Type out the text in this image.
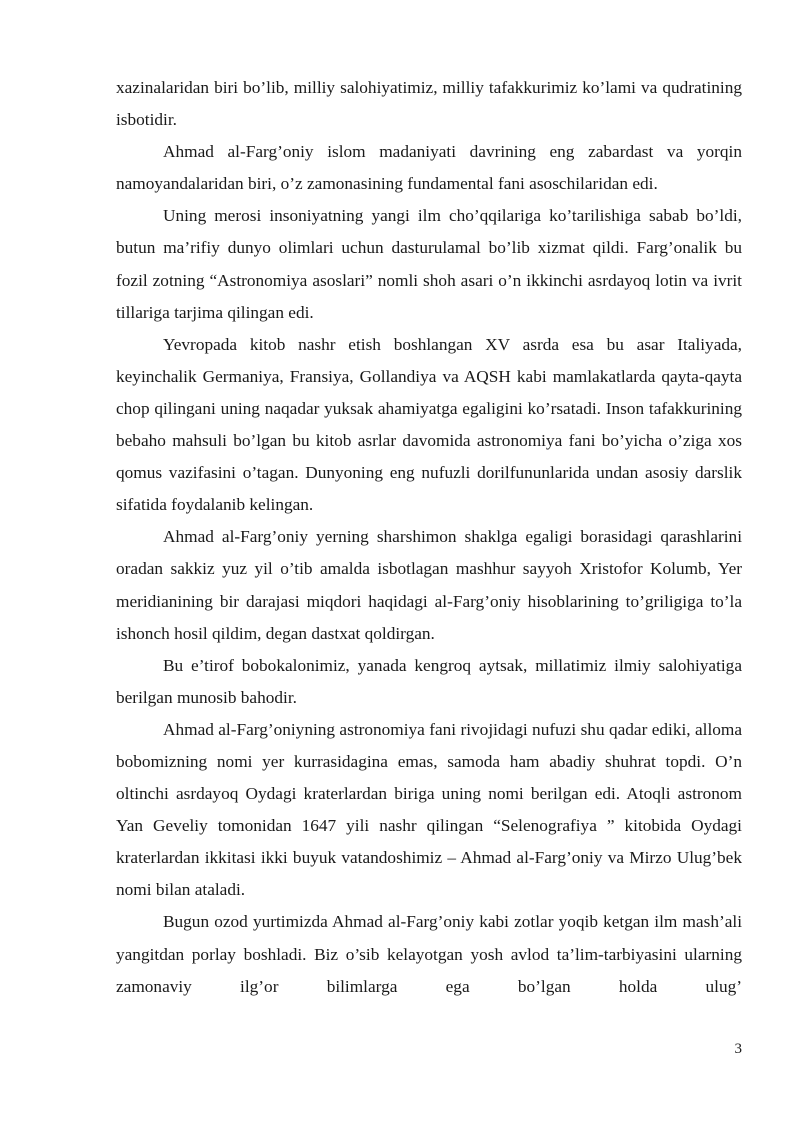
xazinalaridan biri bo’lib, milliy salohiyatimiz, milliy tafakkurimiz ko’lami va qudratining isbotidir.

Ahmad al-Farg’oniy islom madaniyati davrining eng zabardast va yorqin namoyandalaridan biri, o’z zamonasining fundamental fani asoschilaridan edi.

Uning merosi insoniyatning yangi ilm cho’qqilariga ko’tarilishiga sabab bo’ldi, butun ma’rifiy dunyo olimlari uchun dasturulamal bo’lib xizmat qildi. Farg’onalik bu fozil zotning “Astronomiya asoslari” nomli shoh asari o’n ikkinchi asrdayoq lotin va ivrit tillariga tarjima qilingan edi.

Yevropada kitob nashr etish boshlangan XV asrda esa bu asar Italiyada, keyinchalik Germaniya, Fransiya, Gollandiya va AQSH kabi mamlakatlarda qayta-qayta chop qilingani uning naqadar yuksak ahamiyatga egaligini ko’rsatadi. Inson tafakkurining bebaho mahsuli bo’lgan bu kitob asrlar davomida astronomiya fani bo’yicha o’ziga xos qomus vazifasini o’tagan. Dunyoning eng nufuzli dorilfununlarida undan asosiy darslik sifatida foydalanib kelingan.

Ahmad al-Farg’oniy yerning sharshimon shaklga egaligi borasidagi qarashlarini oradan sakkiz yuz yil o’tib amalda isbotlagan mashhur sayyoh Xristofor Kolumb, Yer meridianining bir darajasi miqdori haqidagi al-Farg’oniy hisoblarining to’griligiga to’la ishonch hosil qildim, degan dastxat qoldirgan.

Bu e’tirof bobokalonimiz, yanada kengroq aytsak, millatimiz ilmiy salohiyatiga berilgan munosib bahodir.

Ahmad al-Farg’oniyning astronomiya fani rivojidagi nufuzi shu qadar ediki, alloma bobomizning nomi yer kurrasidagina emas, samoda ham abadiy shuhrat topdi. O’n oltinchi asrdayoq Oydagi kraterlardan biriga uning nomi berilgan edi. Atoqli astronom Yan Geveliy tomonidan 1647 yili nashr qilingan “Selenografiya ” kitobida Oydagi kraterlardan ikkitasi ikki buyuk vatandoshimiz – Ahmad al-Farg’oniy va Mirzo Ulug’bek nomi bilan ataladi.

Bugun ozod yurtimizda Ahmad al-Farg’oniy kabi zotlar yoqib ketgan ilm mash’ali yangitdan porlay boshladi. Biz o’sib kelayotgan yosh avlod ta’lim-tarbiyasini ularning zamonaviy ilg’or bilimlarga ega bo’lgan holda ulug’

3
